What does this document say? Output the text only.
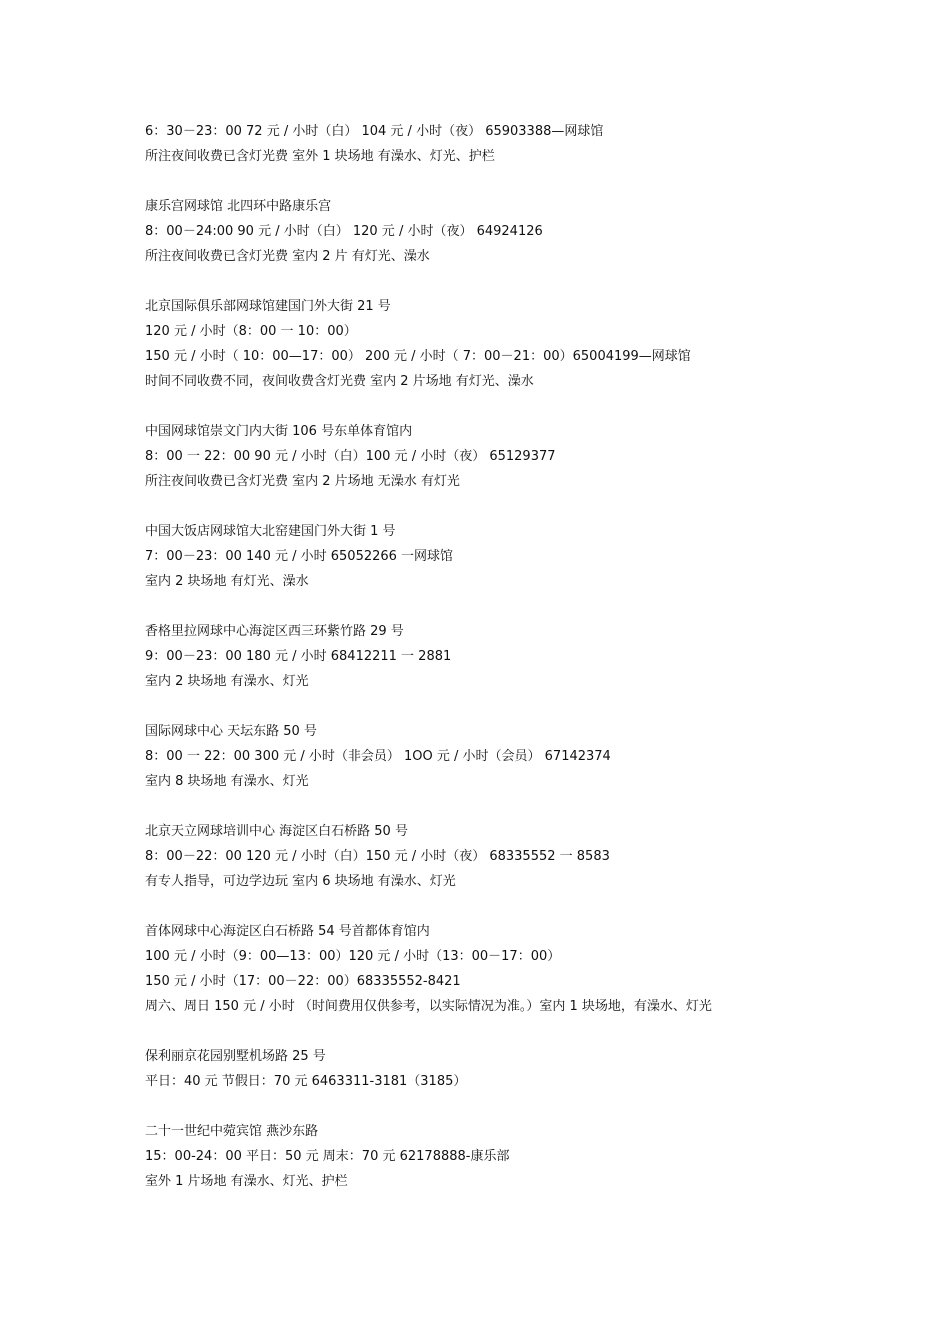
6：30－23：00 72 元 / 小时（白） 104 元 / 小时（夜） 65903388—网球馆
所注夜间收费已含灯光费 室外 1 块场地 有澡水、灯光、护栏
康乐宫网球馆 北四环中路康乐宫
8：00－24:00 90 元 / 小时（白） 120 元 / 小时（夜） 64924126
所注夜间收费已含灯光费 室内 2 片 有灯光、澡水
北京国际俱乐部网球馆建国门外大街 21 号
120 元 / 小时（8：00 一 10：00）
150 元 / 小时（ 10：00—17：00） 200 元 / 小时（ 7：00－21：00）65004199—网球馆
时间不同收费不同，夜间收费含灯光费 室内 2 片场地 有灯光、澡水
中国网球馆崇文门内大街 106 号东单体育馆内
8：00 一 22：00 90 元 / 小时（白）100 元 / 小时（夜） 65129377
所注夜间收费已含灯光费 室内 2 片场地 无澡水 有灯光
中国大饭店网球馆大北窑建国门外大街 1 号
7：00－23：00 140 元 / 小时 65052266 一网球馆
室内 2 块场地 有灯光、澡水
香格里拉网球中心海淀区西三环紫竹路 29 号
9：00－23：00 180 元 / 小时 68412211 一 2881
室内 2 块场地 有澡水、灯光
国际网球中心 天坛东路 50 号
8：00 一 22：00 300 元 / 小时（非会员） 1OO 元 / 小时（会员） 67142374
室内 8 块场地 有澡水、灯光
北京天立网球培训中心 海淀区白石桥路 50 号
8：00－22：00 120 元 / 小时（白）150 元 / 小时（夜） 68335552 一 8583
有专人指导，可边学边玩 室内 6 块场地 有澡水、灯光
首体网球中心海淀区白石桥路 54 号首都体育馆内
100 元 / 小时（9：00—13：00）120 元 / 小时（13：00－17：00）
150 元 / 小时（17：00－22：00）68335552-8421
周六、周日 150 元 / 小时 （时间费用仅供参考，以实际情况为准。）室内 1 块场地，有澡水、灯光
保利丽京花园别墅机场路 25 号
平日：40 元 节假日：70 元 6463311-3181（3185）
二十一世纪中菀宾馆 燕沙东路
15：00-24：00 平日：50 元 周末：70 元 62178888-康乐部
室外 1 片场地 有澡水、灯光、护栏
